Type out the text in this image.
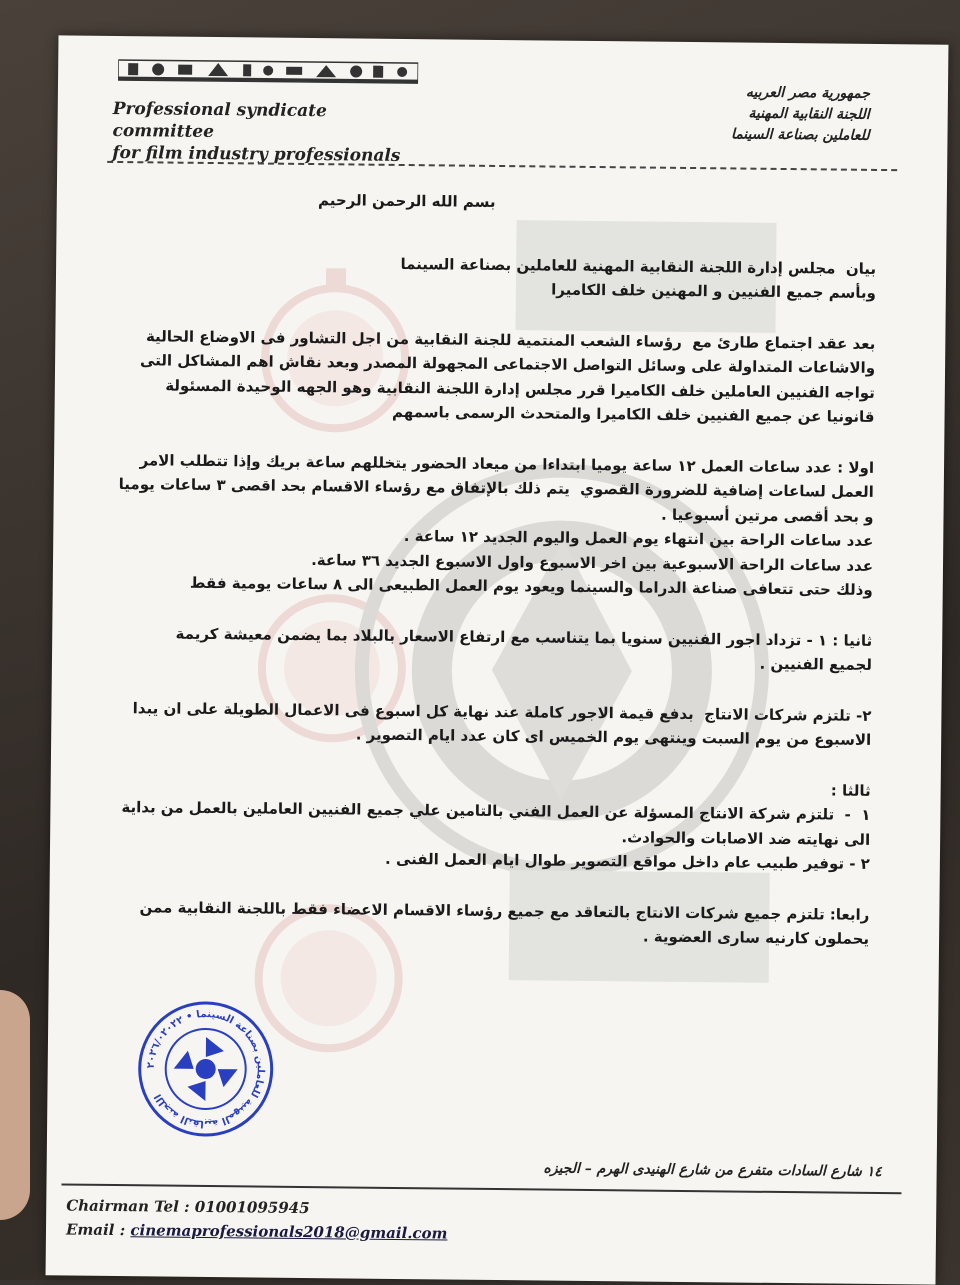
Professional syndicate committee
for film industry professionals
جمهورية مصر العربيه
اللجنة النقابية المهنية
للعاملين بصناعة السينما

بسم الله الرحمن الرحيم

بيان  مجلس إدارة اللجنة النقابية المهنية للعاملين بصناعة السينما

وبأسم جميع الفنيين و المهنين خلف الكاميرا

بعد عقد اجتماع طارئ مع  رؤساء الشعب المنتمية للجنة النقابية من اجل التشاور فى الاوضاع الحالية

والاشاعات المتداولة على وسائل التواصل الاجتماعى المجهولة المصدر وبعد نقاش اهم المشاكل التى

تواجه الفنيين العاملين خلف الكاميرا قرر مجلس إدارة اللجنة النقابية وهو الجهه الوحيدة المسئولة

قانونيا عن جميع الفنيين خلف الكاميرا والمتحدث الرسمى باسمهم

اولا : عدد ساعات العمل ١٢ ساعة يوميا ابتداءا من ميعاد الحضور يتخللهم ساعة بريك وإذا تتطلب الامر

العمل لساعات إضافية للضرورة القصوي  يتم ذلك بالإتفاق مع رؤساء الاقسام بحد اقصى ٣ ساعات يوميا

و بحد أقصى مرتين أسبوعيا .

عدد ساعات الراحة بين انتهاء يوم العمل واليوم الجديد ١٢ ساعة .

عدد ساعات الراحة الاسبوعية بين اخر الاسبوع واول الاسبوع الجديد ٣٦ ساعة.

وذلك حتى تتعافى صناعة الدراما والسينما ويعود يوم العمل الطبيعى الى ٨ ساعات يومية فقط

ثانيا : ١ - تزداد اجور الفنيين سنويا بما يتناسب مع ارتفاع الاسعار بالبلاد بما يضمن معيشة كريمة

لجميع الفنيين .

٢- تلتزم شركات الانتاج  بدفع قيمة الاجور كاملة عند نهاية كل اسبوع فى الاعمال الطويلة على ان يبدا

الاسبوع من يوم السبت وينتهى يوم الخميس اى كان عدد ايام التصوير .

ثالثا :

١  -  تلتزم شركة الانتاج المسؤلة عن العمل الفني بالتامين علي جميع الفنيين العاملين بالعمل من بداية

الى نهايته ضد الاصابات والحوادث.

٢ - توفير طبيب عام داخل مواقع التصوير طوال ايام العمل الفنى .

رابعا: تلتزم جميع شركات الانتاج بالتعاقد مع جميع رؤساء الاقسام الاعضاء فقط باللجنة النقابية ممن

يحملون كارنيه سارى العضوية .

اللجنة النقابية المهنية للعاملين بصناعة السينما • ٢٠٢٦/٠٢٠٢٢
١٤ شارع السادات متفرع من شارع الهنيدى الهرم – الجيزه
Chairman Tel : 01001095945
Email : cinemaprofessionals2018@gmail.com
